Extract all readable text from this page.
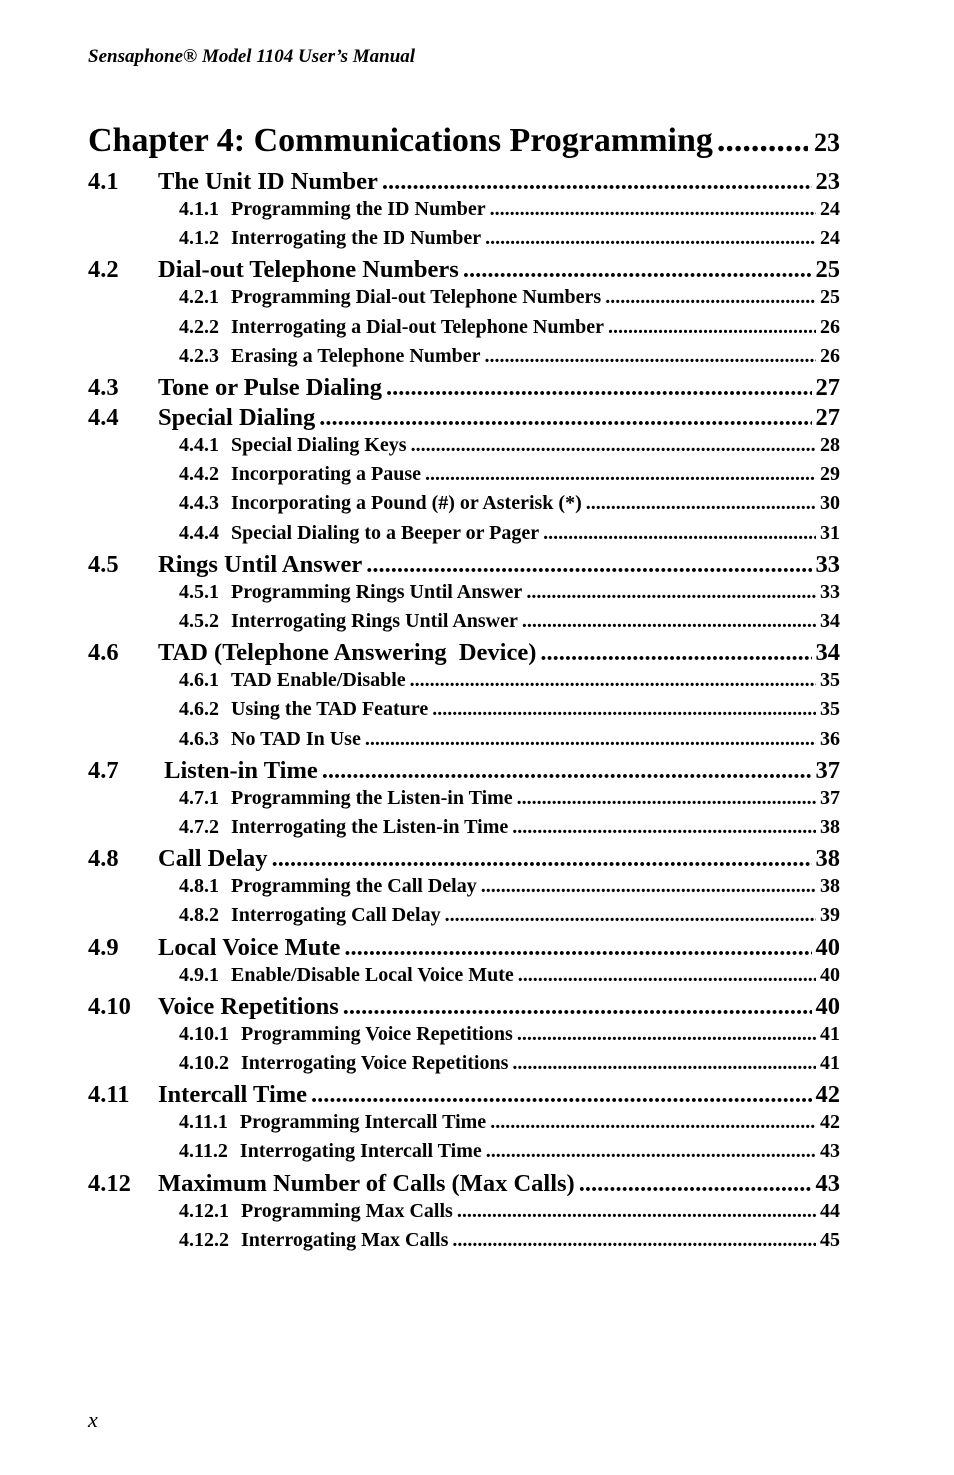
Sensaphone® Model 1104 User’s Manual
Chapter 4: Communications Programming .....	23
4.1	The Unit ID Number .....	23
4.1.1 Programming the ID Number .....	24
4.1.2 Interrogating the ID Number .....	24
4.2	Dial-out Telephone Numbers .....	25
4.2.1 Programming Dial-out Telephone Numbers .....	25
4.2.2 Interrogating a Dial-out Telephone Number .....	26
4.2.3 Erasing a Telephone Number .....	26
4.3	Tone or Pulse Dialing .....	27
4.4	Special Dialing .....	27
4.4.1 Special Dialing Keys .....	28
4.4.2 Incorporating a Pause .....	29
4.4.3 Incorporating a Pound (#) or Asterisk (*) .....	30
4.4.4 Special Dialing to a Beeper or Pager .....	31
4.5	Rings Until Answer .....	33
4.5.1 Programming Rings Until Answer .....	33
4.5.2 Interrogating Rings Until Answer .....	34
4.6	TAD (Telephone Answering  Device) .....	34
4.6.1 TAD Enable/Disable .....	35
4.6.2 Using the TAD Feature .....	35
4.6.3 No TAD In Use .....	36
4.7	Listen-in Time .....	37
4.7.1 Programming the Listen-in Time .....	37
4.7.2 Interrogating the Listen-in Time .....	38
4.8	Call Delay .....	38
4.8.1 Programming the Call Delay .....	38
4.8.2 Interrogating Call Delay .....	39
4.9	Local Voice Mute .....	40
4.9.1 Enable/Disable Local Voice Mute .....	40
4.10	Voice Repetitions .....	40
4.10.1 Programming Voice Repetitions .....	41
4.10.2 Interrogating Voice Repetitions .....	41
4.11	Intercall Time .....	42
4.11.1 Programming Intercall Time .....	42
4.11.2 Interrogating Intercall Time .....	43
4.12	Maximum Number of Calls (Max Calls) .....	43
4.12.1 Programming Max Calls .....	44
4.12.2 Interrogating Max Calls .....	45
x
